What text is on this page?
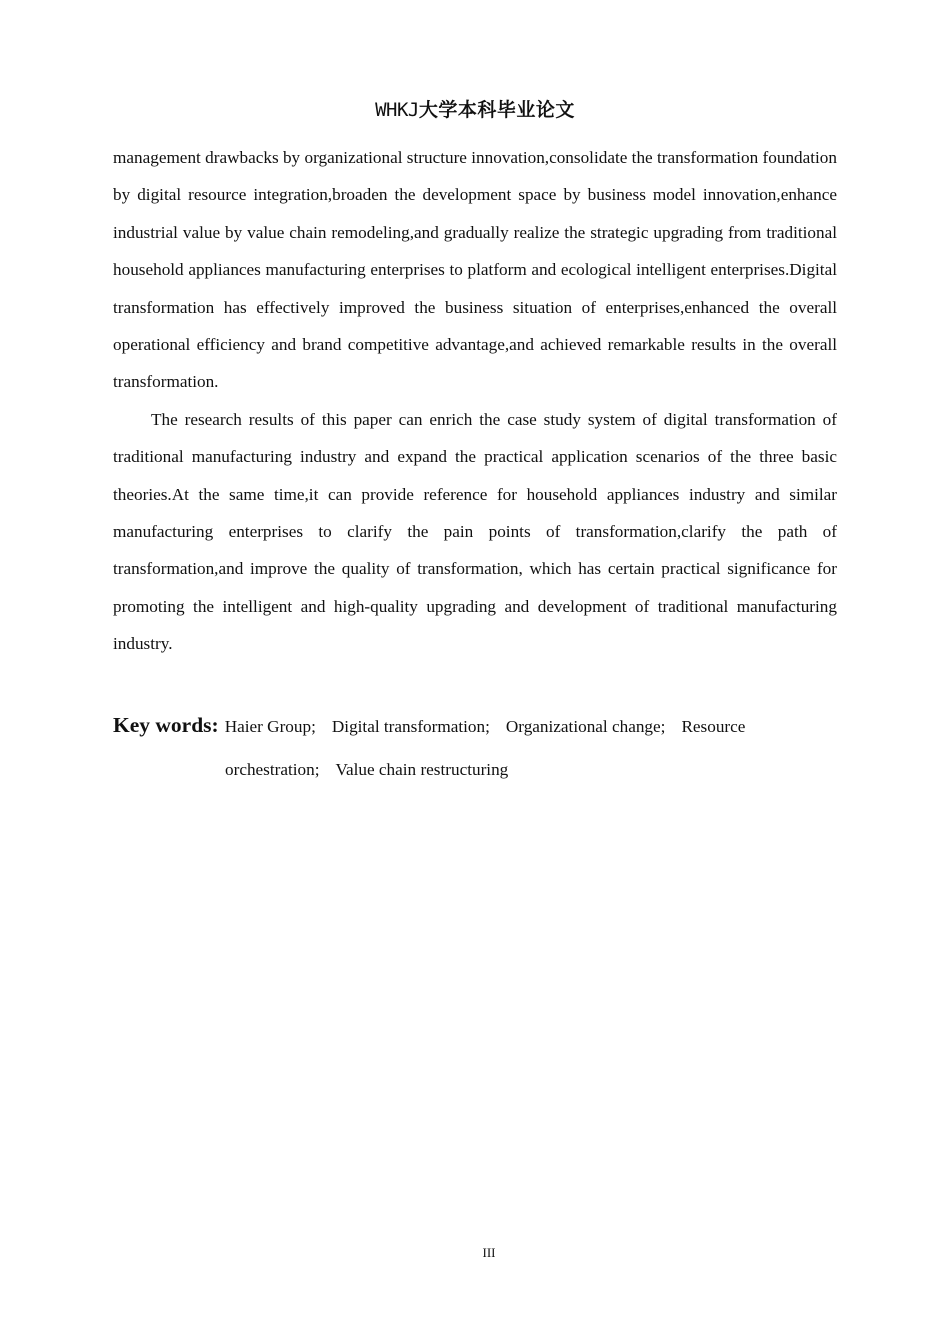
WHKJ大学本科毕业论文

management drawbacks by organizational structure innovation,consolidate the transformation foundation by digital resource integration,broaden the development space by business model innovation,enhance industrial value by value chain remodeling,and gradually realize the strategic upgrading from traditional household appliances manufacturing enterprises to platform and ecological intelligent enterprises.Digital transformation has effectively improved the business situation of enterprises,enhanced the overall operational efficiency and brand competitive advantage,and achieved remarkable results in the overall transformation.

The research results of this paper can enrich the case study system of digital transformation of traditional manufacturing industry and expand the practical application scenarios of the three basic theories.At the same time,it can provide reference for household appliances industry and similar manufacturing enterprises to clarify the pain points of transformation,clarify the path of transformation,and improve the quality of transformation, which has certain practical significance for promoting the intelligent and high-quality upgrading and development of traditional manufacturing industry.

Key words: Haier Group; Digital transformation; Organizational change; Resource
orchestration; Value chain restructuring
III
